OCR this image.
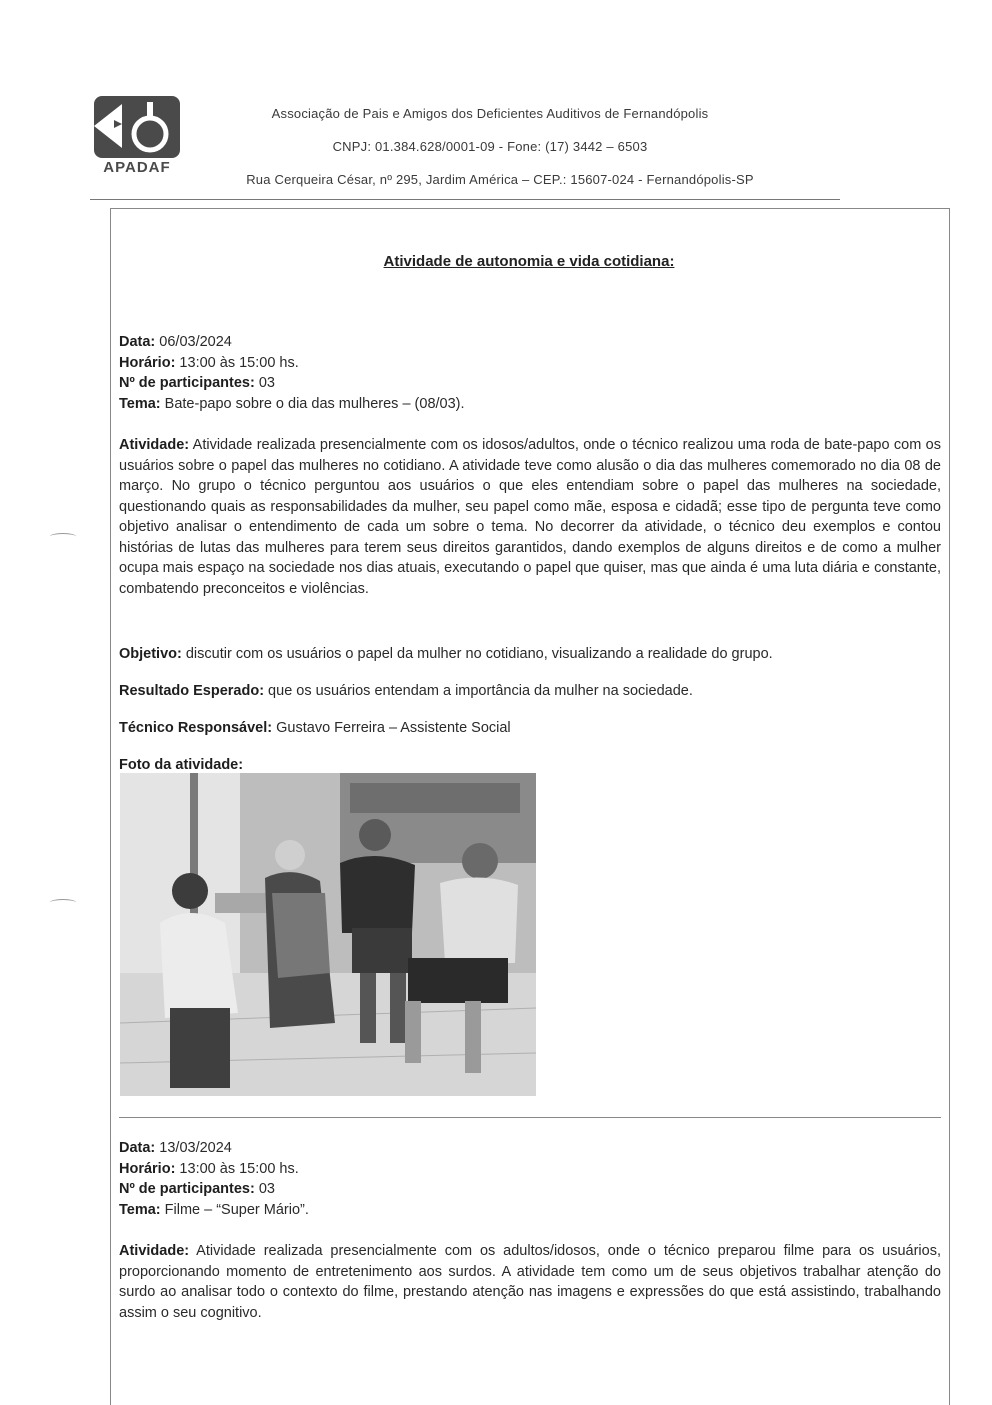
APADAF
Associação de Pais e Amigos dos Deficientes Auditivos de Fernandópolis
CNPJ: 01.384.628/0001-09 - Fone: (17) 3442 – 6503
Rua Cerqueira César, nº 295, Jardim América – CEP.: 15607-024 - Fernandópolis-SP
Atividade de autonomia e vida cotidiana:
Data: 06/03/2024
Horário: 13:00 às 15:00 hs.
Nº de participantes: 03
Tema: Bate-papo sobre o dia das mulheres – (08/03).
Atividade: Atividade realizada presencialmente com os idosos/adultos, onde o técnico realizou uma roda de bate-papo com os usuários sobre o papel das mulheres no cotidiano. A atividade teve como alusão o dia das mulheres comemorado no dia 08 de março. No grupo o técnico perguntou aos usuários o que eles entendiam sobre o papel das mulheres na sociedade, questionando quais as responsabilidades da mulher, seu papel como mãe, esposa e cidadã; esse tipo de pergunta teve como objetivo analisar o entendimento de cada um sobre o tema. No decorrer da atividade, o técnico deu exemplos e contou histórias de lutas das mulheres para terem seus direitos garantidos, dando exemplos de alguns direitos e de como a mulher ocupa mais espaço na sociedade nos dias atuais, executando o papel que quiser, mas que ainda é uma luta diária e constante, combatendo preconceitos e violências.
Objetivo: discutir com os usuários o papel da mulher no cotidiano, visualizando a realidade do grupo.
Resultado Esperado: que os usuários entendam a importância da mulher na sociedade.
Técnico Responsável: Gustavo Ferreira – Assistente Social
Foto da atividade:
Data: 13/03/2024
Horário: 13:00 às 15:00 hs.
Nº de participantes: 03
Tema: Filme – “Super Mário”.
Atividade: Atividade realizada presencialmente com os adultos/idosos, onde o técnico preparou filme para os usuários, proporcionando momento de entretenimento aos surdos. A atividade tem como um de seus objetivos trabalhar atenção do surdo ao analisar todo o contexto do filme, prestando atenção nas imagens e expressões do que está assistindo, trabalhando assim o seu cognitivo.
